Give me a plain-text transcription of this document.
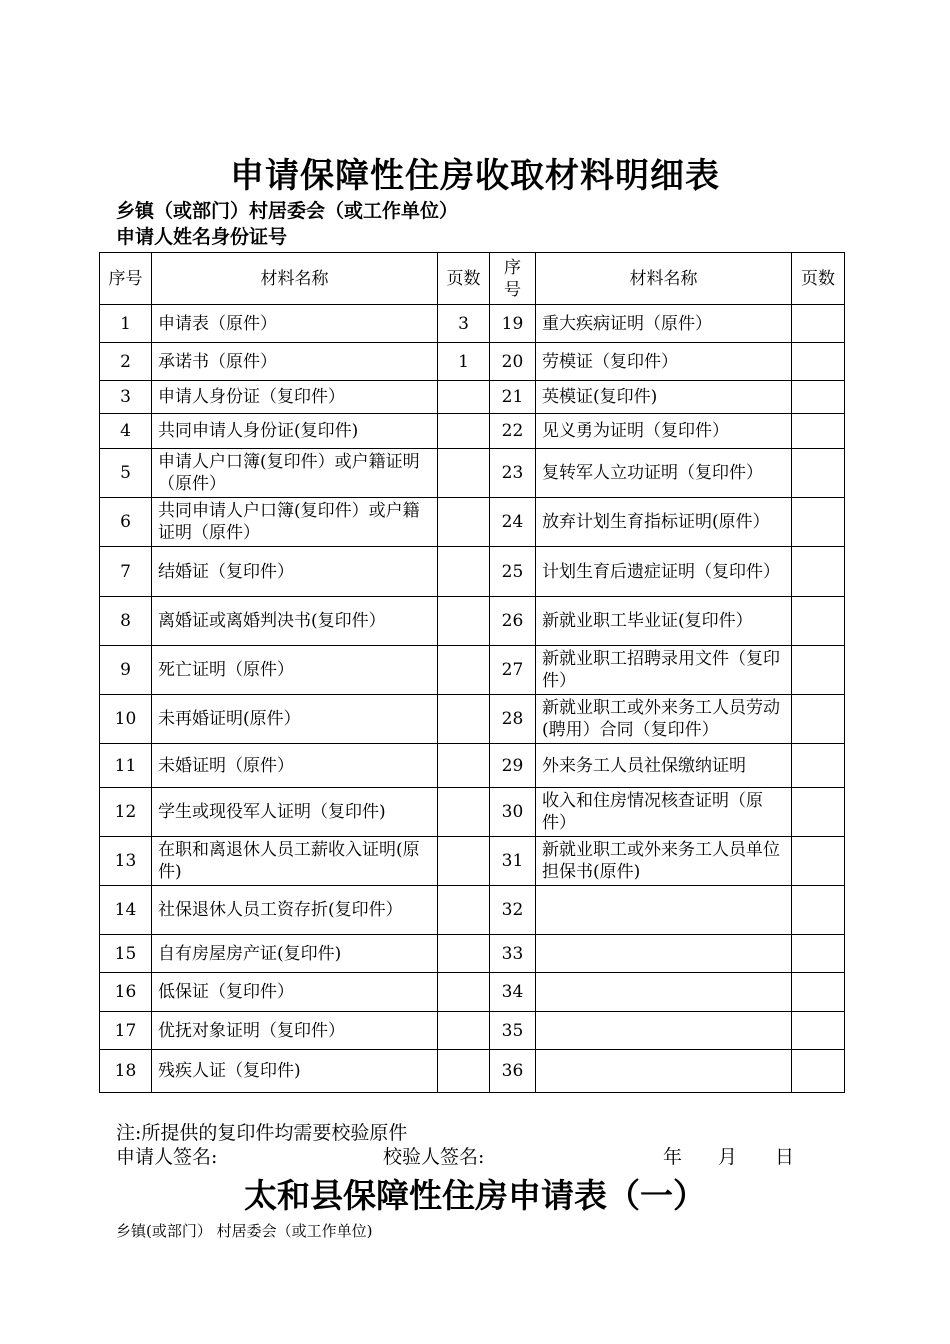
申请保障性住房收取材料明细表
乡镇（或部门）村居委会（或工作单位）
申请人姓名身份证号
序号	材料名称	页数	序号	材料名称	页数
1	申请表（原件）	3	19	重大疾病证明（原件）	
2	承诺书（原件）	1	20	劳模证（复印件）	
3	申请人身份证（复印件）		21	英模证(复印件)	
4	共同申请人身份证(复印件)		22	见义勇为证明（复印件）	
5	申请人户口簿(复印件）或户籍证明（原件）		23	复转军人立功证明（复印件）	
6	共同申请人户口簿(复印件）或户籍证明（原件）		24	放弃计划生育指标证明(原件）	
7	结婚证（复印件）		25	计划生育后遗症证明（复印件）	
8	离婚证或离婚判决书(复印件）		26	新就业职工毕业证(复印件）	
9	死亡证明（原件）		27	新就业职工招聘录用文件（复印件）	
10	未再婚证明(原件）		28	新就业职工或外来务工人员劳动(聘用）合同（复印件）	
11	未婚证明（原件）		29	外来务工人员社保缴纳证明	
12	学生或现役军人证明（复印件)		30	收入和住房情况核查证明（原件）	
13	在职和离退休人员工薪收入证明(原件)		31	新就业职工或外来务工人员单位担保书(原件)	
14	社保退休人员工资存折(复印件）		32		
15	自有房屋房产证(复印件)		33		
16	低保证（复印件）		34		
17	优抚对象证明（复印件）		35		
18	残疾人证（复印件)		36		
注:所提供的复印件均需要校验原件
申请人签名:	校验人签名:	年 月 日
太和县保障性住房申请表（一）
乡镇(或部门） 村居委会（或工作单位)
